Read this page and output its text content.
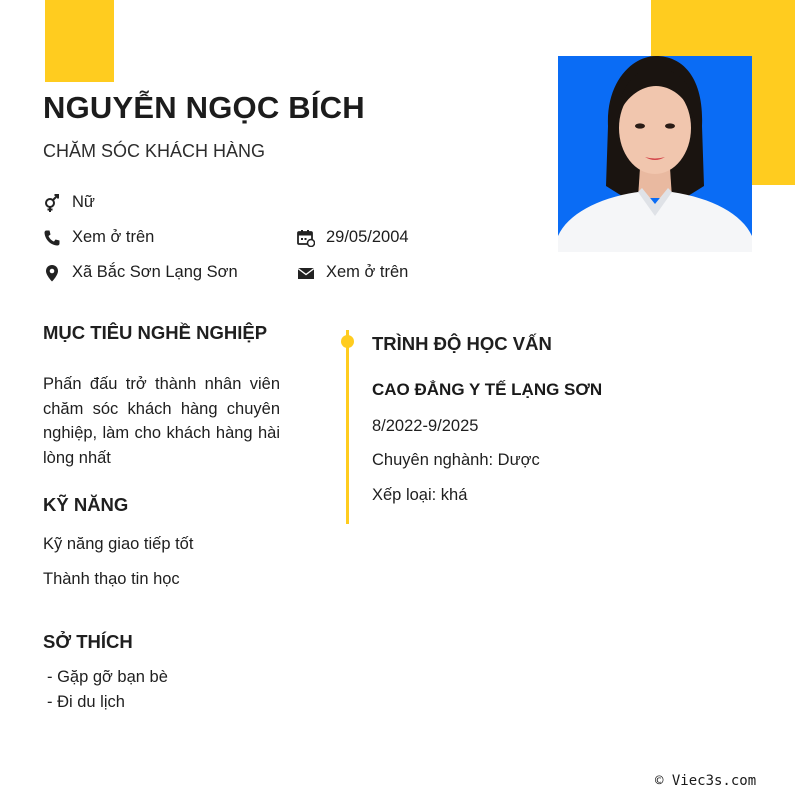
NGUYỄN NGỌC BÍCH
CHĂM SÓC KHÁCH HÀNG
Nữ
Xem ở trên	29/05/2004
Xã Bắc Sơn Lạng Sơn	Xem ở trên
MỤC TIÊU NGHỀ NGHIỆP

Phấn đấu trở thành nhân viên chăm sóc khách hàng chuyên nghiệp, làm cho khách hàng hài lòng nhất

KỸ NĂNG
Kỹ năng giao tiếp tốt
Thành thạo tin học
SỞ THÍCH
- Gặp gỡ bạn bè
- Đi du lịch
TRÌNH ĐỘ HỌC VẤN
CAO ĐẲNG Y TẾ LẠNG SƠN
8/2022-9/2025
Chuyên nghành: Dược
Xếp loại: khá
© Viec3s.com
